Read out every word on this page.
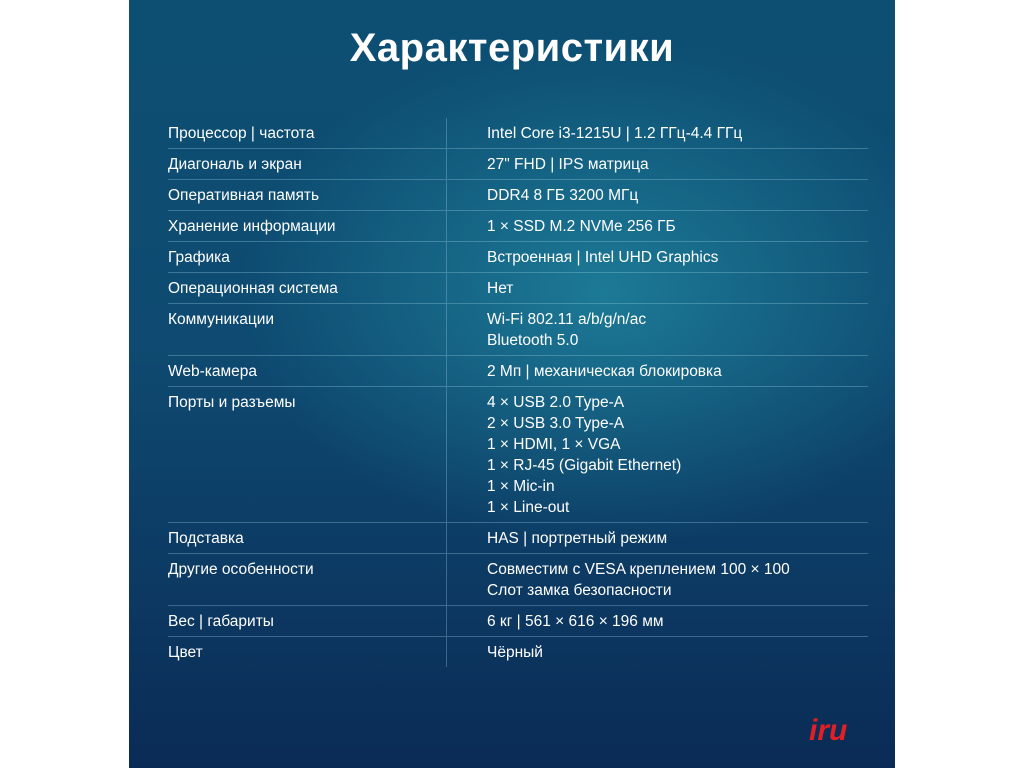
Характеристики
Процессор | частота	Intel Core i3-1215U | 1.2 ГГц-4.4 ГГц
Диагональ и экран	27" FHD | IPS матрица
Оперативная память	DDR4 8 ГБ 3200 МГц
Хранение информации	1 × SSD M.2 NVMe 256 ГБ
Графика	Встроенная | Intel UHD Graphics
Операционная система	Нет
Коммуникации	Wi-Fi 802.11 a/b/g/n/ac
Bluetooth 5.0
Web-камера	2 Мп | механическая блокировка
Порты и разъемы	4 × USB 2.0 Type-A
2 × USB 3.0 Type-A
1 × HDMI, 1 × VGA
1 × RJ-45 (Gigabit Ethernet)
1 × Mic-in
1 × Line-out
Подставка	HAS | портретный режим
Другие особенности	Совместим с VESA креплением 100 × 100
Слот замка безопасности
Вес | габариты	6 кг | 561 × 616 × 196 мм
Цвет	Чёрный
iru
